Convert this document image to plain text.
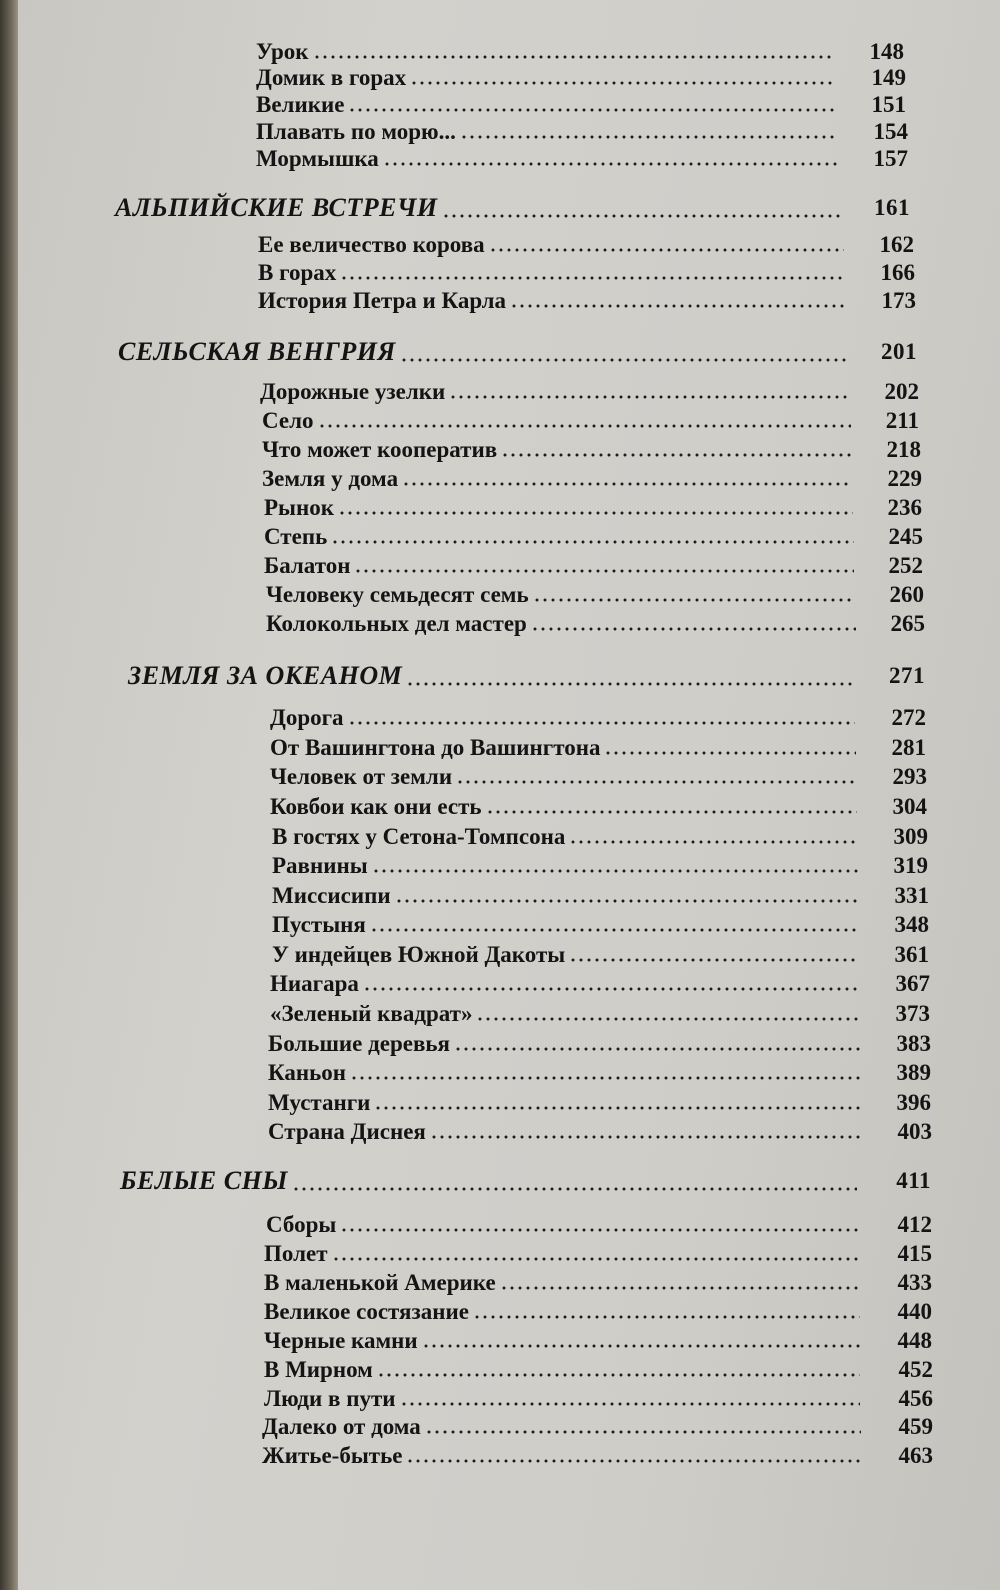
Урок	148
Домик в горах	149
Великие	151
Плавать по морю...	154
Мормышка	157
АЛЬПИЙСКИЕ ВСТРЕЧИ	161
Ее величество корова	162
В горах	166
История Петра и Карла	173
СЕЛЬСКАЯ ВЕНГРИЯ	201
Дорожные узелки	202
Село	211
Что может кооператив	218
Земля у дома	229
Рынок	236
Степь	245
Балатон	252
Человеку семьдесят семь	260
Колокольных дел мастер	265
ЗЕМЛЯ ЗА ОКЕАНОМ	271
Дорога	272
От Вашингтона до Вашингтона	281
Человек от земли	293
Ковбои как они есть	304
В гостях у Сетона-Томпсона	309
Равнины	319
Миссисипи	331
Пустыня	348
У индейцев Южной Дакоты	361
Ниагара	367
«Зеленый квадрат»	373
Большие деревья	383
Каньон	389
Мустанги	396
Страна Диснея	403
БЕЛЫЕ СНЫ	411
Сборы	412
Полет	415
В маленькой Америке	433
Великое состязание	440
Черные камни	448
В Мирном	452
Люди в пути	456
Далеко от дома	459
Житье-бытье	463
